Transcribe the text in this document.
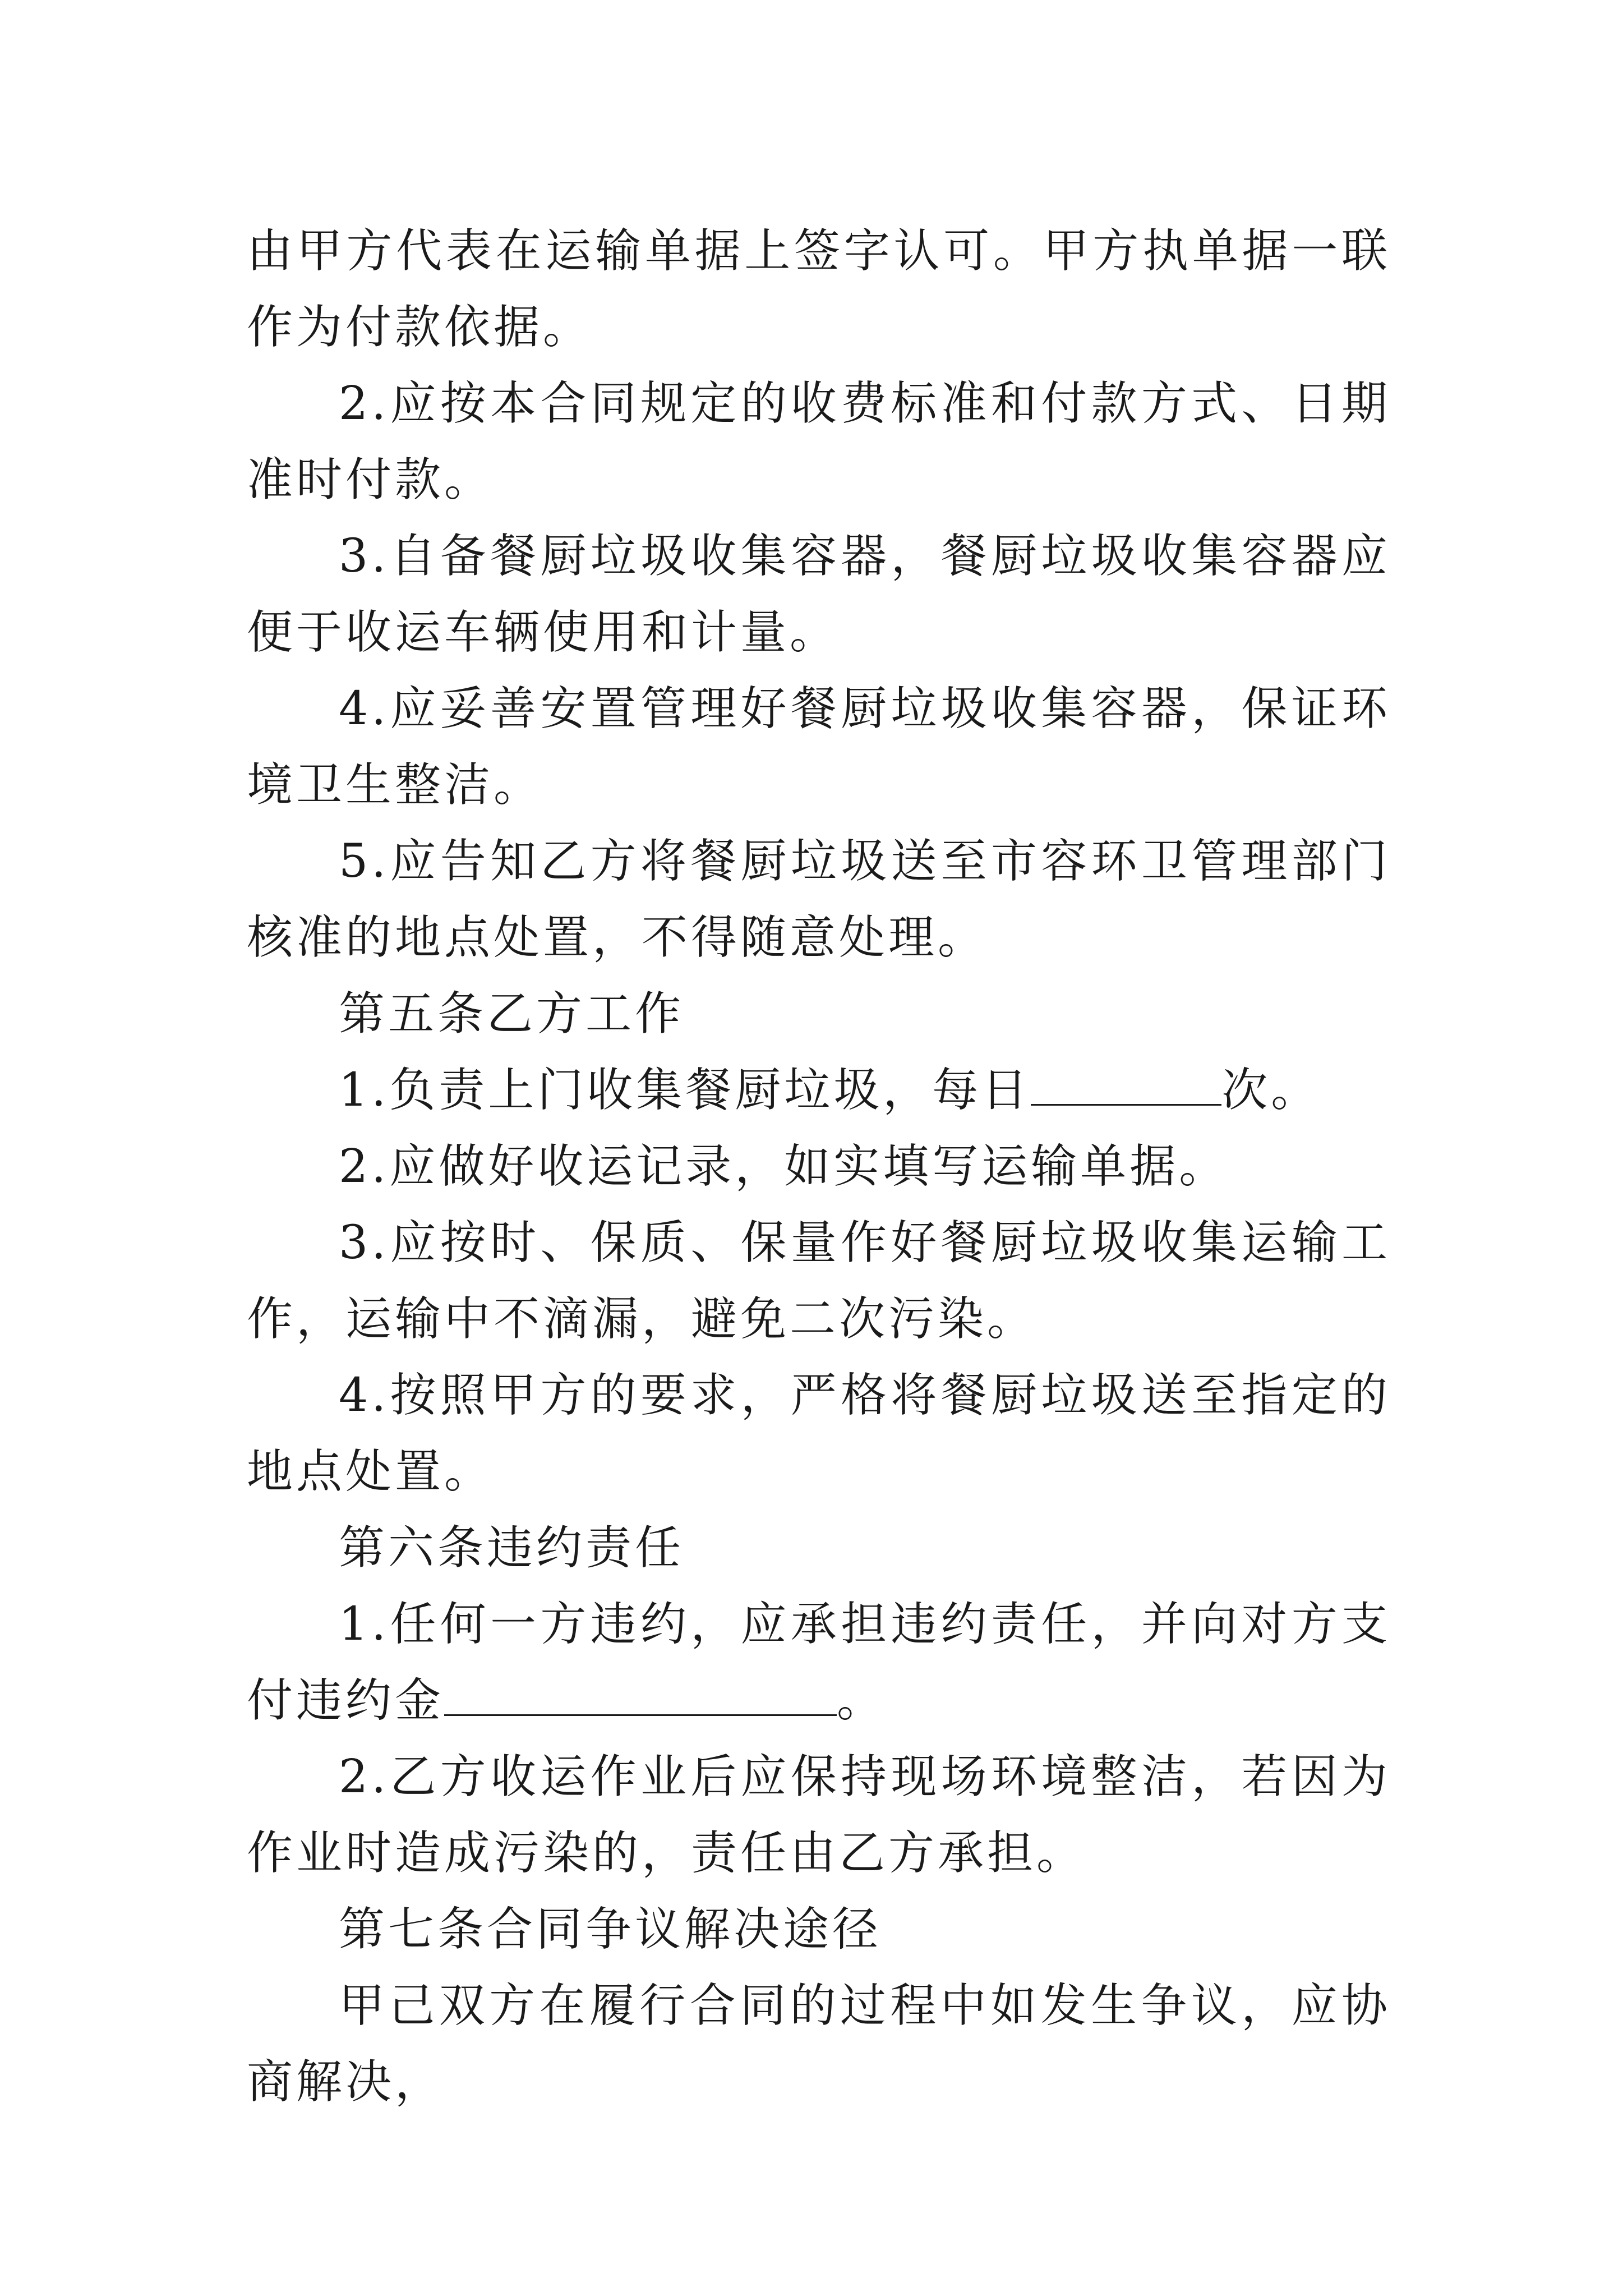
由甲方代表在运输单据上签字认可。甲方执单据一联作为付款依据。

2.应按本合同规定的收费标准和付款方式、日期准时付款。

3.自备餐厨垃圾收集容器，餐厨垃圾收集容器应便于收运车辆使用和计量。

4.应妥善安置管理好餐厨垃圾收集容器，保证环境卫生整洁。

5.应告知乙方将餐厨垃圾送至市容环卫管理部门核准的地点处置，不得随意处理。

第五条乙方工作

1.负责上门收集餐厨垃圾，每日	次。

2.应做好收运记录，如实填写运输单据。

3.应按时、保质、保量作好餐厨垃圾收集运输工作，运输中不滴漏，避免二次污染。

4.按照甲方的要求，严格将餐厨垃圾送至指定的地点处置。

第六条违约责任

1.任何一方违约，应承担违约责任，并向对方支付违约金	。

2.乙方收运作业后应保持现场环境整洁，若因为作业时造成污染的，责任由乙方承担。

第七条合同争议解决途径

甲己双方在履行合同的过程中如发生争议，应协商解决，
